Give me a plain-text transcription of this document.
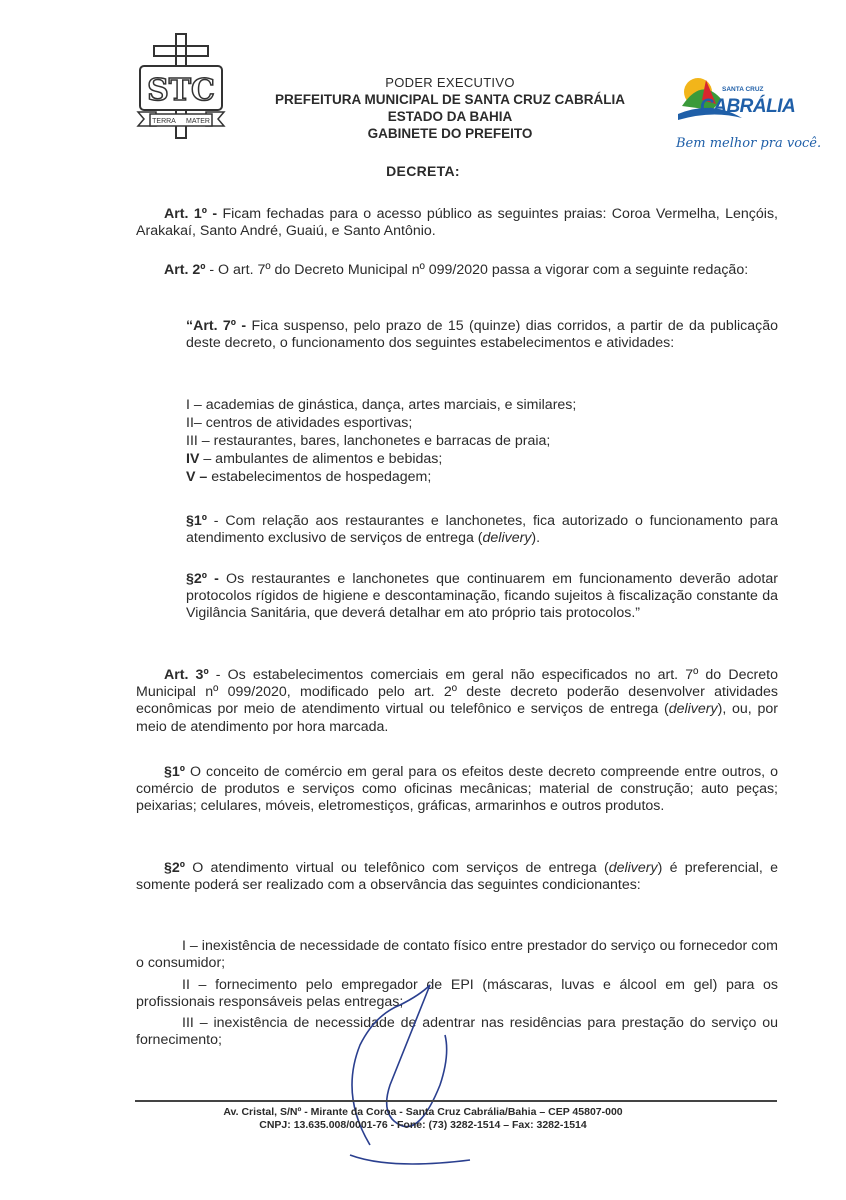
STC
TERRA MATER
PODER EXECUTIVO
PREFEITURA MUNICIPAL DE SANTA CRUZ CABRÁLIA
ESTADO DA BAHIA
GABINETE DO PREFEITO
SANTA CRUZ
CABRÁLIA
Bem melhor pra você.
DECRETA:

Art. 1º - Ficam fechadas para o acesso público as seguintes praias: Coroa Vermelha, Lençóis, Arakakaí, Santo André, Guaiú, e Santo Antônio.

Art. 2º - O art. 7º do Decreto Municipal nº 099/2020 passa a vigorar com a seguinte redação:

“Art. 7º - Fica suspenso, pelo prazo de 15 (quinze) dias corridos, a partir de da publicação deste decreto, o funcionamento dos seguintes estabelecimentos e atividades:

I – academias de ginástica, dança, artes marciais, e similares;

II– centros de atividades esportivas;

III – restaurantes, bares, lanchonetes e barracas de praia;

IV – ambulantes de alimentos e bebidas;

V – estabelecimentos de hospedagem;

§1º - Com relação aos restaurantes e lanchonetes, fica autorizado o funcionamento para atendimento exclusivo de serviços de entrega (delivery).

§2º - Os restaurantes e lanchonetes que continuarem em funcionamento deverão adotar protocolos rígidos de higiene e descontaminação, ficando sujeitos à fiscalização constante da Vigilância Sanitária, que deverá detalhar em ato próprio tais protocolos.”

Art. 3º - Os estabelecimentos comerciais em geral não especificados no art. 7º do Decreto Municipal nº 099/2020, modificado pelo art. 2º deste decreto poderão desenvolver atividades econômicas por meio de atendimento virtual ou telefônico e serviços de entrega (delivery), ou, por meio de atendimento por hora marcada.

§1º O conceito de comércio em geral para os efeitos deste decreto compreende entre outros, o comércio de produtos e serviços como oficinas mecânicas; material de construção; auto peças; peixarias; celulares, móveis, eletromestiços, gráficas, armarinhos e outros produtos.

§2º O atendimento virtual ou telefônico com serviços de entrega (delivery) é preferencial, e somente poderá ser realizado com a observância das seguintes condicionantes:

I – inexistência de necessidade de contato físico entre prestador do serviço ou fornecedor com o consumidor;

II – fornecimento pelo empregador de EPI (máscaras, luvas e álcool em gel) para os profissionais responsáveis pelas entregas;

III – inexistência de necessidade de adentrar nas residências para prestação do serviço ou fornecimento;

Av. Cristal, S/Nº - Mirante da Coroa - Santa Cruz Cabrália/Bahia – CEP 45807-000
CNPJ: 13.635.008/0001-76 - Fone: (73) 3282-1514 – Fax: 3282-1514
